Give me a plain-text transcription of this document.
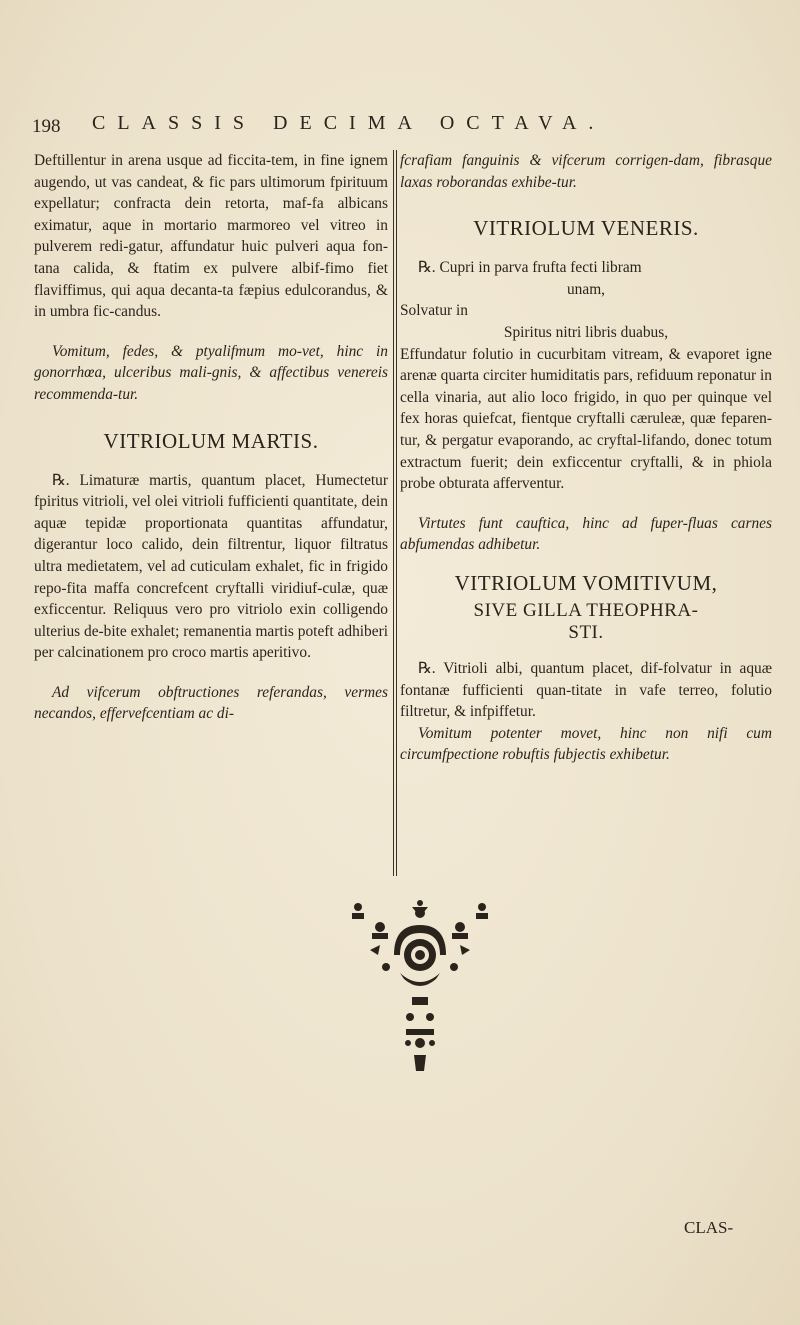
198 CLASSIS DECIMA OCTAVA.

Deftillentur in arena usque ad ficcita-tem, in fine ignem augendo, ut vas candeat, & fic pars ultimorum fpirituum expellatur; confracta dein retorta, maf-fa albicans eximatur, aque in mortario marmoreo vel vitreo in pulverem redi-gatur, affundatur huic pulveri aqua fon-tana calida, & ftatim ex pulvere albif-fimo fiet flaviffimus, qui aqua decanta-ta fæpius edulcorandus, & in umbra fic-candus.

Vomitum, fedes, & ptyalifmum mo-vet, hinc in gonorrhœa, ulceribus mali-gnis, & affectibus venereis recommenda-tur.

VITRIOLUM MARTIS.

℞. Limaturæ martis, quantum placet, Humectetur fpiritus vitrioli, vel olei vitrioli fufficienti quantitate, dein aquæ tepidæ proportionata quantitas affundatur, digerantur loco calido, dein filtrentur, liquor filtratus ultra medietatem, vel ad cuticulam exhalet, fic in frigido repo-fita maffa concrefcent cryftalli viridiuf-culæ, quæ exficcentur. Reliquus vero pro vitriolo exin colligendo ulterius de-bite exhalet; remanentia martis poteft adhiberi per calcinationem pro croco martis aperitivo.

Ad vifcerum obftructiones referandas, vermes necandos, effervefcentiam ac di-

fcrafiam fanguinis & vifcerum corrigen-dam, fibrasque laxas roborandas exhibe-tur.

VITRIOLUM VENERIS.

℞. Cupri in parva frufta fecti libram

unam,

Solvatur in

Spiritus nitri libris duabus,

Effundatur folutio in cucurbitam vitream, & evaporet igne arenæ quarta circiter humiditatis pars, refiduum reponatur in cella vinaria, aut alio loco frigido, in quo per quinque vel fex horas quiefcat, fientque cryftalli cæruleæ, quæ feparen-tur, & pergatur evaporando, ac cryftal-lifando, donec totum extractum fuerit; dein exficcentur cryftalli, & in phiola probe obturata afferventur.

Virtutes funt cauftica, hinc ad fuper-fluas carnes abfumendas adhibetur.

VITRIOLUM VOMITIVUM,
SIVE GILLA THEOPHRA-
STI.

℞. Vitrioli albi, quantum placet, dif-folvatur in aquæ fontanæ fufficienti quan-titate in vafe terreo, folutio filtretur, & infpiffetur.

Vomitum potenter movet, hinc non nifi cum circumfpectione robuftis fubjectis exhibetur.

CLAS-
